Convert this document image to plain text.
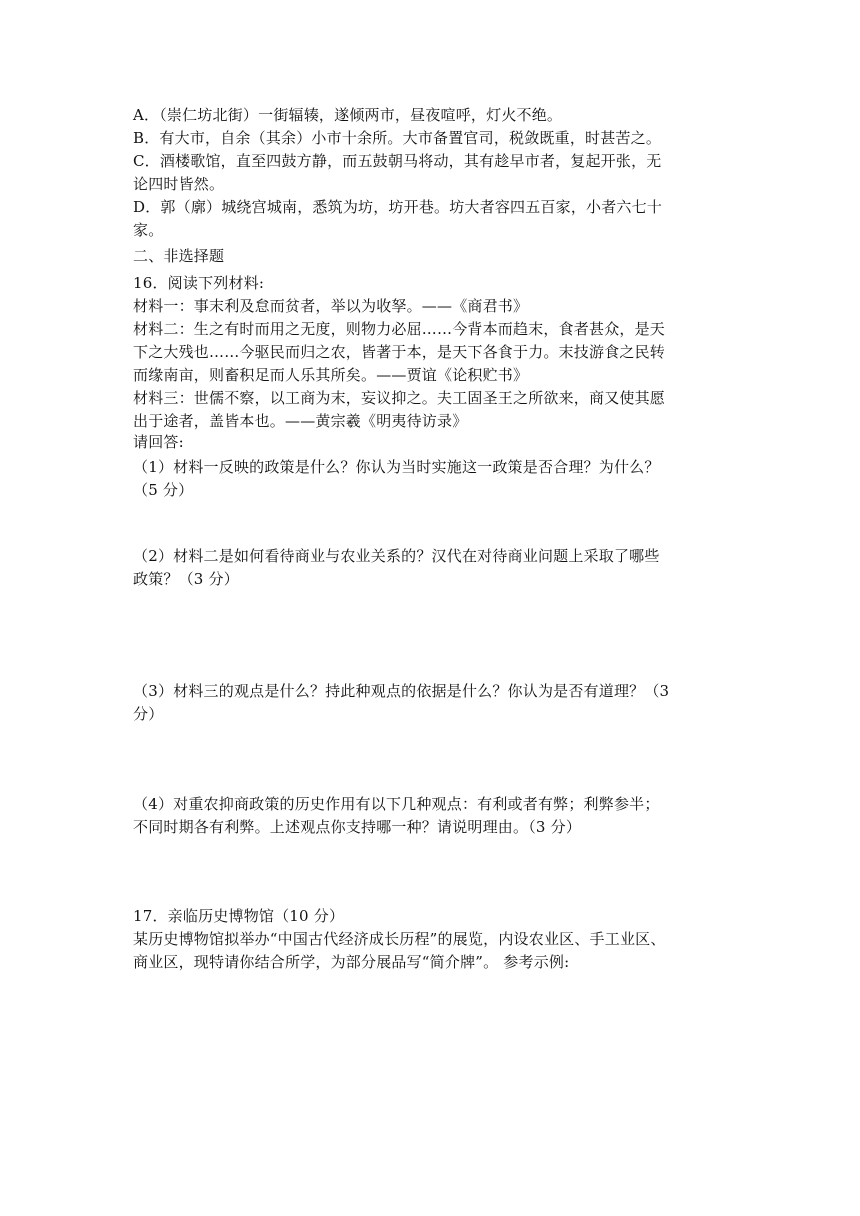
A．（崇仁坊北街）一街辐辏，遂倾两市，昼夜喧呼，灯火不绝。
B．有大市，自余（其余）小市十余所。大市备置官司，税敛既重，时甚苦之。
C．酒楼歌馆，直至四鼓方静，而五鼓朝马将动，其有趁早市者，复起开张，无
论四时皆然。
D．郭（廓）城绕宫城南，悉筑为坊，坊开巷。坊大者容四五百家，小者六七十
家。
二、非选择题
16．阅读下列材料:
材料一：事末利及怠而贫者，举以为收孥。——《商君书》
材料二：生之有时而用之无度，则物力必屈……今背本而趋末，食者甚众，是天
下之大残也……今驱民而归之农，皆著于本，是天下各食于力。末技游食之民转
而缘南亩，则畜积足而人乐其所矣。——贾谊《论积贮书》
材料三：世儒不察，以工商为末，妄议抑之。夫工固圣王之所欲来，商又使其愿
出于途者，盖皆本也。——黄宗羲《明夷待访录》
请回答:
（1）材料一反映的政策是什么？你认为当时实施这一政策是否合理？为什么？
（5 分）
（2）材料二是如何看待商业与农业关系的？汉代在对待商业问题上采取了哪些
政策？（3 分）
（3）材料三的观点是什么？持此种观点的依据是什么？你认为是否有道理？（3
分）
（4）对重农抑商政策的历史作用有以下几种观点：有利或者有弊；利弊参半；
不同时期各有利弊。上述观点你支持哪一种？请说明理由。（3 分）
17．亲临历史博物馆（10 分）
某历史博物馆拟举办“中国古代经济成长历程”的展览，内设农业区、手工业区、
商业区，现特请你结合所学，为部分展品写“简介牌”。 参考示例:
